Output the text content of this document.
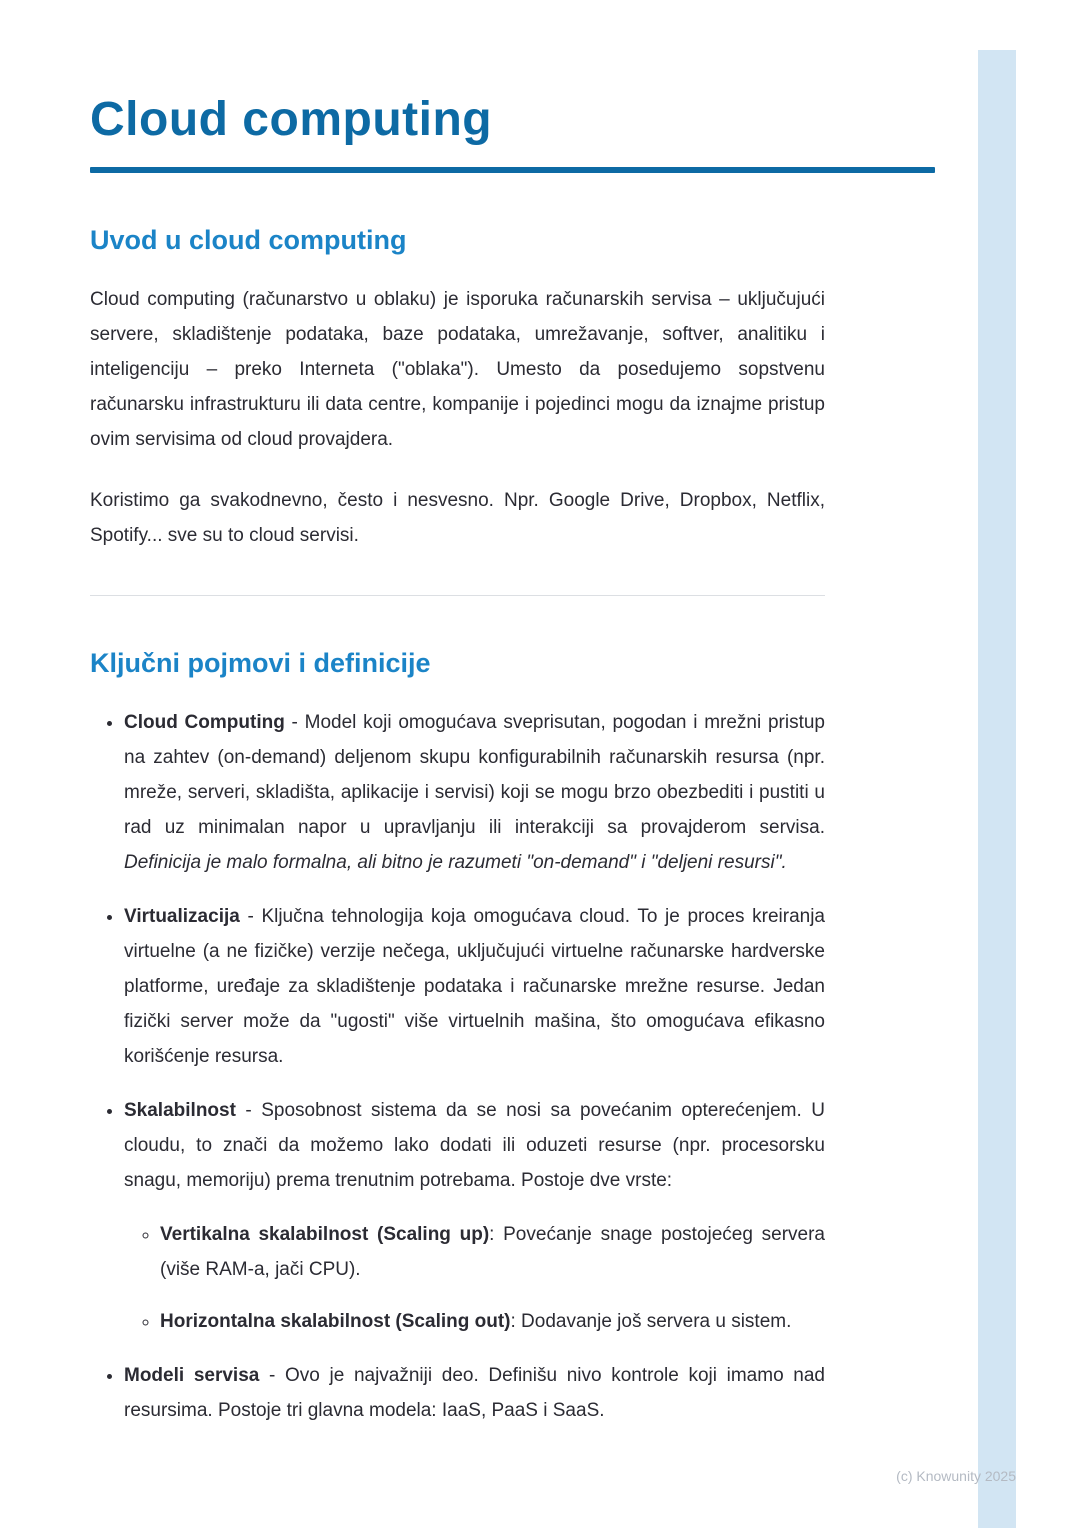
Cloud computing
Uvod u cloud computing

Cloud computing (računarstvo u oblaku) je isporuka računarskih servisa – uključujući servere, skladištenje podataka, baze podataka, umrežavanje, softver, analitiku i inteligenciju – preko Interneta ("oblaka"). Umesto da posedujemo sopstvenu računarsku infrastrukturu ili data centre, kompanije i pojedinci mogu da iznajme pristup ovim servisima od cloud provajdera.

Koristimo ga svakodnevno, često i nesvesno. Npr. Google Drive, Dropbox, Netflix, Spotify... sve su to cloud servisi.

Ključni pojmovi i definicije
• Cloud Computing - Model koji omogućava sveprisutan, pogodan i mrežni pristup na zahtev (on-demand) deljenom skupu konfigurabilnih računarskih resursa (npr. mreže, serveri, skladišta, aplikacije i servisi) koji se mogu brzo obezbediti i pustiti u rad uz minimalan napor u upravljanju ili interakciji sa provajderom servisa. Definicija je malo formalna, ali bitno je razumeti "on-demand" i "deljeni resursi".
• Virtualizacija - Ključna tehnologija koja omogućava cloud. To je proces kreiranja virtuelne (a ne fizičke) verzije nečega, uključujući virtuelne računarske hardverske platforme, uređaje za skladištenje podataka i računarske mrežne resurse. Jedan fizički server može da "ugosti" više virtuelnih mašina, što omogućava efikasno korišćenje resursa.
• Skalabilnost - Sposobnost sistema da se nosi sa povećanim opterećenjem. U cloudu, to znači da možemo lako dodati ili oduzeti resurse (npr. procesorsku snagu, memoriju) prema trenutnim potrebama. Postoje dve vrste:
◦ Vertikalna skalabilnost (Scaling up): Povećanje snage postojećeg servera (više RAM-a, jači CPU).
◦ Horizontalna skalabilnost (Scaling out): Dodavanje još servera u sistem.
• Modeli servisa - Ovo je najvažniji deo. Definišu nivo kontrole koji imamo nad resursima. Postoje tri glavna modela: IaaS, PaaS i SaaS.
(c) Knowunity 2025
